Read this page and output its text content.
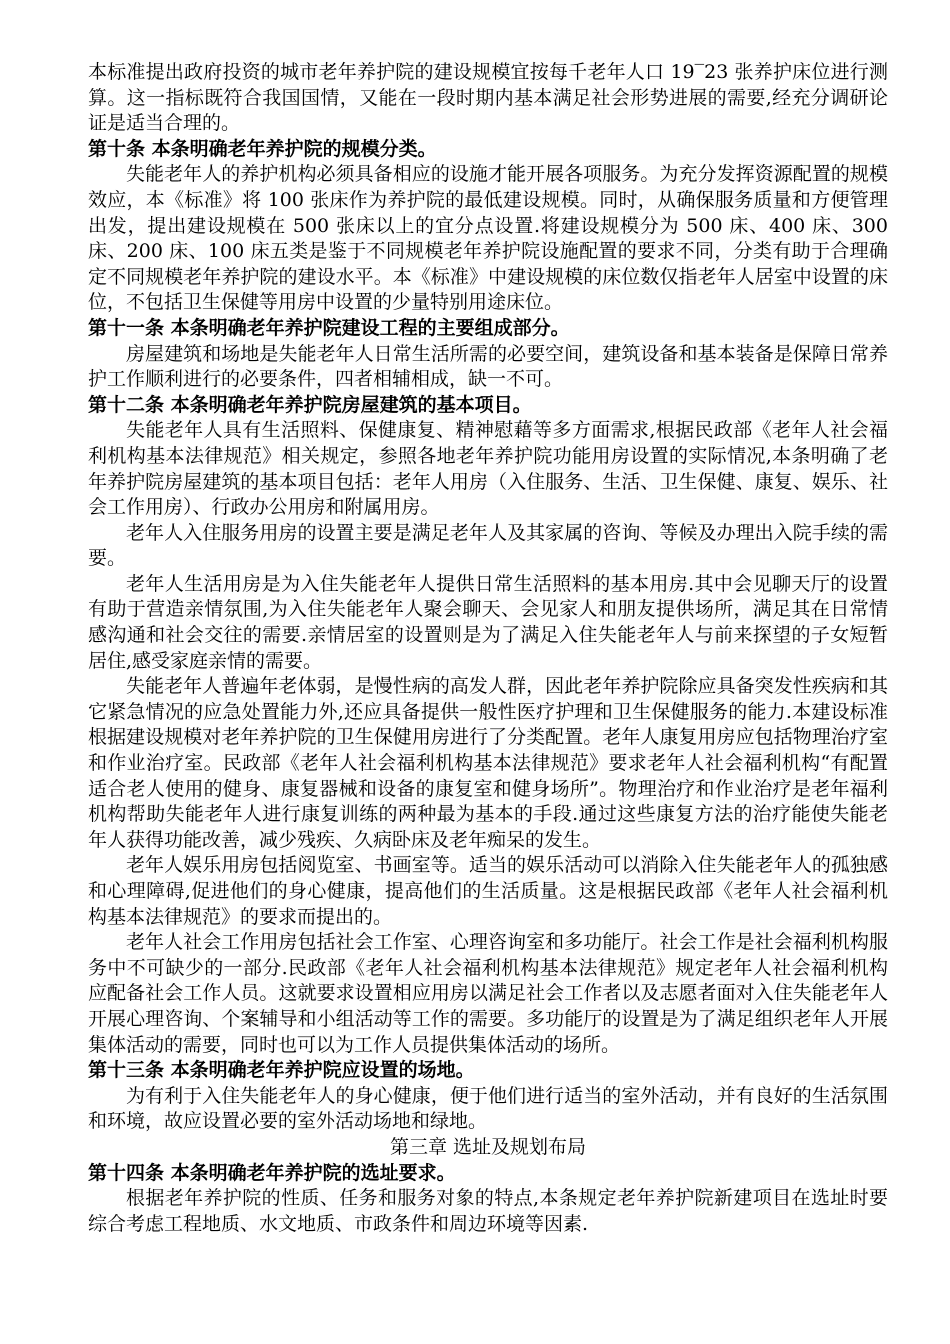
本标准提出政府投资的城市老年养护院的建设规模宜按每千老年人口 19‾23 张养护床位进行测算。这一指标既符合我国国情，又能在一段时期内基本满足社会形势进展的需要,经充分调研论证是适当合理的。

第十条 本条明确老年养护院的规模分类。

失能老年人的养护机构必须具备相应的设施才能开展各项服务。为充分发挥资源配置的规模效应，本《标准》将 100 张床作为养护院的最低建设规模。同时，从确保服务质量和方便管理出发，提出建设规模在 500 张床以上的宜分点设置.将建设规模分为 500 床、400 床、300 床、200 床、100 床五类是鉴于不同规模老年养护院设施配置的要求不同，分类有助于合理确定不同规模老年养护院的建设水平。本《标准》中建设规模的床位数仅指老年人居室中设置的床位，不包括卫生保健等用房中设置的少量特别用途床位。

第十一条 本条明确老年养护院建设工程的主要组成部分。

房屋建筑和场地是失能老年人日常生活所需的必要空间，建筑设备和基本装备是保障日常养护工作顺利进行的必要条件，四者相辅相成，缺一不可。

第十二条 本条明确老年养护院房屋建筑的基本项目。

失能老年人具有生活照料、保健康复、精神慰藉等多方面需求,根据民政部《老年人社会福利机构基本法律规范》相关规定，参照各地老年养护院功能用房设置的实际情况,本条明确了老年养护院房屋建筑的基本项目包括：老年人用房（入住服务、生活、卫生保健、康复、娱乐、社会工作用房）、行政办公用房和附属用房。

老年人入住服务用房的设置主要是满足老年人及其家属的咨询、等候及办理出入院手续的需要。

老年人生活用房是为入住失能老年人提供日常生活照料的基本用房.其中会见聊天厅的设置有助于营造亲情氛围,为入住失能老年人聚会聊天、会见家人和朋友提供场所，满足其在日常情感沟通和社会交往的需要.亲情居室的设置则是为了满足入住失能老年人与前来探望的子女短暂居住,感受家庭亲情的需要。

失能老年人普遍年老体弱，是慢性病的高发人群，因此老年养护院除应具备突发性疾病和其它紧急情况的应急处置能力外,还应具备提供一般性医疗护理和卫生保健服务的能力.本建设标准根据建设规模对老年养护院的卫生保健用房进行了分类配置。老年人康复用房应包括物理治疗室和作业治疗室。民政部《老年人社会福利机构基本法律规范》要求老年人社会福利机构“有配置适合老人使用的健身、康复器械和设备的康复室和健身场所”。物理治疗和作业治疗是老年福利机构帮助失能老年人进行康复训练的两种最为基本的手段.通过这些康复方法的治疗能使失能老年人获得功能改善，减少残疾、久病卧床及老年痴呆的发生。

老年人娱乐用房包括阅览室、书画室等。适当的娱乐活动可以消除入住失能老年人的孤独感和心理障碍,促进他们的身心健康，提高他们的生活质量。这是根据民政部《老年人社会福利机构基本法律规范》的要求而提出的。

老年人社会工作用房包括社会工作室、心理咨询室和多功能厅。社会工作是社会福利机构服务中不可缺少的一部分.民政部《老年人社会福利机构基本法律规范》规定老年人社会福利机构应配备社会工作人员。这就要求设置相应用房以满足社会工作者以及志愿者面对入住失能老年人开展心理咨询、个案辅导和小组活动等工作的需要。多功能厅的设置是为了满足组织老年人开展集体活动的需要，同时也可以为工作人员提供集体活动的场所。

第十三条 本条明确老年养护院应设置的场地。

为有利于入住失能老年人的身心健康，便于他们进行适当的室外活动，并有良好的生活氛围和环境，故应设置必要的室外活动场地和绿地。

第三章 选址及规划布局
第十四条 本条明确老年养护院的选址要求。

根据老年养护院的性质、任务和服务对象的特点,本条规定老年养护院新建项目在选址时要综合考虑工程地质、水文地质、市政条件和周边环境等因素.
